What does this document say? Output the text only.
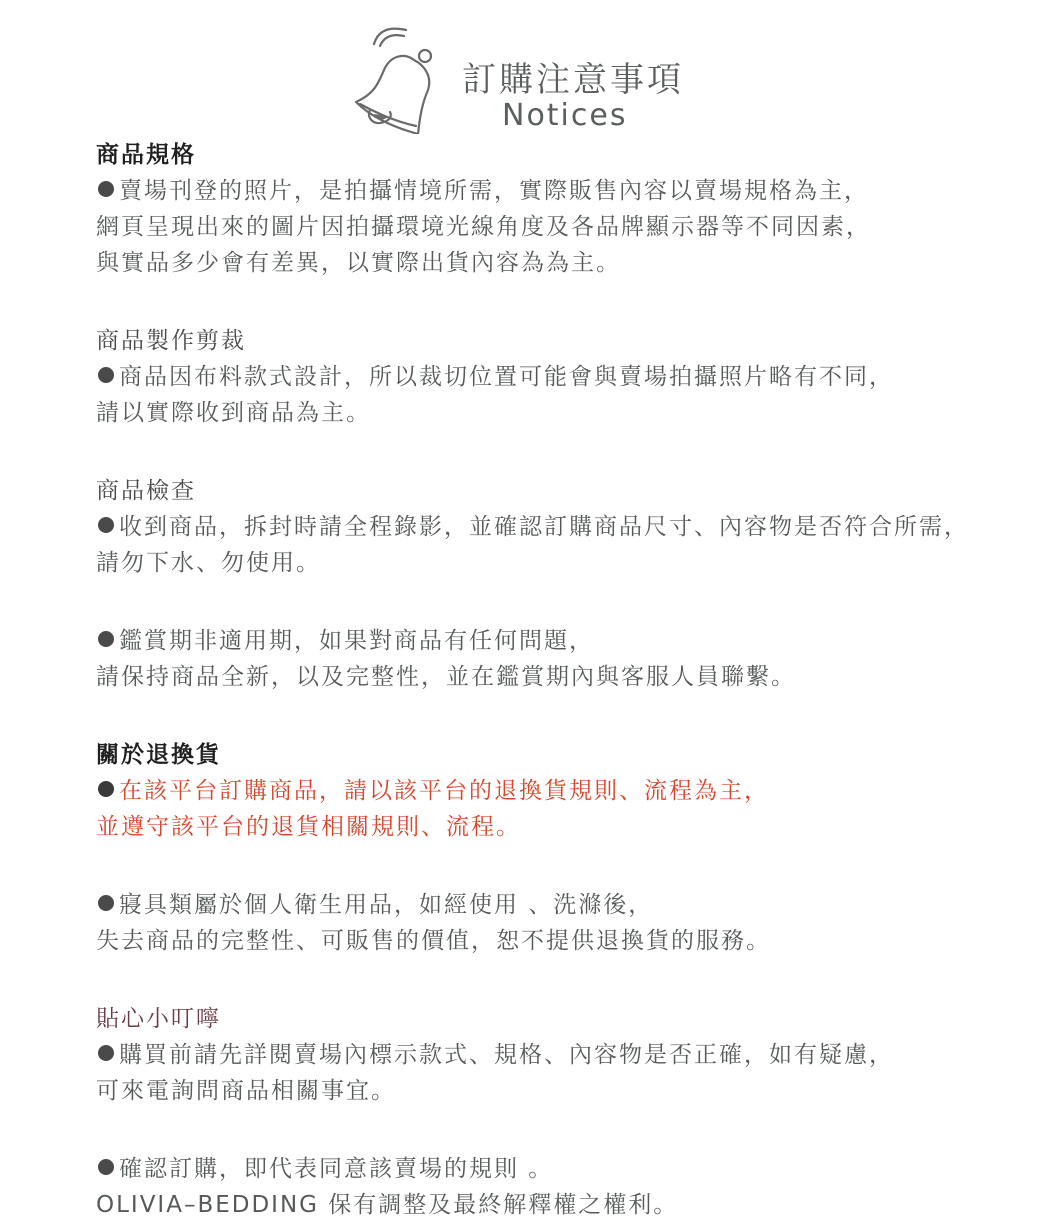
訂購注意事項
Notices
商品規格
賣場刊登的照片，是拍攝情境所需，實際販售內容以賣場規格為主，
網頁呈現出來的圖片因拍攝環境光線角度及各品牌顯示器等不同因素，
與實品多少會有差異，以實際出貨內容為為主。
商品製作剪裁
商品因布料款式設計，所以裁切位置可能會與賣場拍攝照片略有不同，
請以實際收到商品為主。
商品檢查
收到商品，拆封時請全程錄影，並確認訂購商品尺寸、內容物是否符合所需，
請勿下水、勿使用。
鑑賞期非適用期，如果對商品有任何問題，
請保持商品全新，以及完整性，並在鑑賞期內與客服人員聯繫。
關於退換貨
在該平台訂購商品，請以該平台的退換貨規則、流程為主，
並遵守該平台的退貨相關規則、流程。
寢具類屬於個人衛生用品，如經使用 、洗滌後，
失去商品的完整性、可販售的價值，恕不提供退換貨的服務。
貼心小叮嚀
購買前請先詳閱賣場內標示款式、規格、內容物是否正確，如有疑慮，
可來電詢問商品相關事宜。
確認訂購，即代表同意該賣場的規則 。
OLIVIA–BEDDING 保有調整及最終解釋權之權利。
